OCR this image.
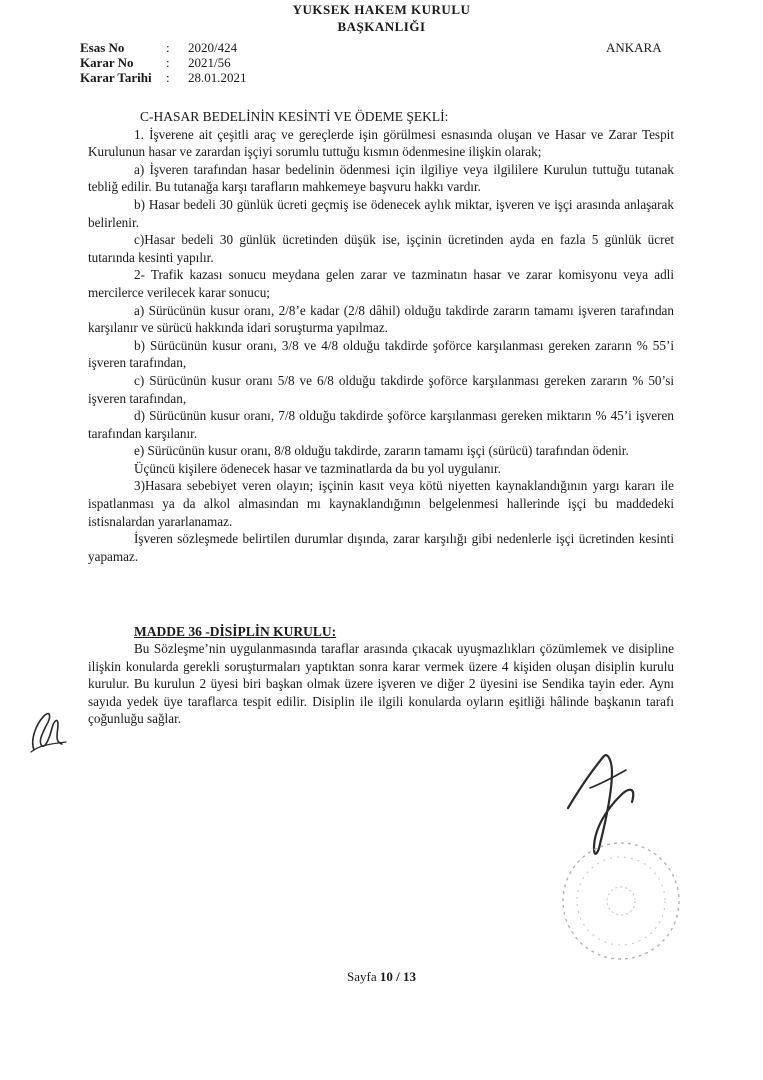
YUKSEK HAKEM KURULU
BAŞKANLIĞI
Esas No	: 2020/424
Karar No : 2021/56
Karar Tarihi : 28.01.2021
ANKARA

C-HASAR BEDELİNİN KESİNTİ VE ÖDEME ŞEKLİ:

1. İşverene ait çeşitli araç ve gereçlerde işin görülmesi esnasında oluşan ve Hasar ve Zarar Tespit Kurulunun hasar ve zarardan işçiyi sorumlu tuttuğu kısmın ödenmesine ilişkin olarak;

a) İşveren tarafından hasar bedelinin ödenmesi için ilgiliye veya ilgililere Kurulun tuttuğu tutanak tebliğ edilir. Bu tutanağa karşı tarafların mahkemeye başvuru hakkı vardır.

b) Hasar bedeli 30 günlük ücreti geçmiş ise ödenecek aylık miktar, işveren ve işçi arasında anlaşarak belirlenir.

c)Hasar bedeli 30 günlük ücretinden düşük ise, işçinin ücretinden ayda en fazla 5 günlük ücret tutarında kesinti yapılır.

2- Trafik kazası sonucu meydana gelen zarar ve tazminatın hasar ve zarar komisyonu veya adli mercilerce verilecek karar sonucu;

a) Sürücünün kusur oranı, 2/8’e kadar (2/8 dâhil) olduğu takdirde zararın tamamı işveren tarafından karşılanır ve sürücü hakkında idari soruşturma yapılmaz.

b) Sürücünün kusur oranı, 3/8 ve 4/8 olduğu takdirde şoförce karşılanması gereken zararın % 55’i işveren tarafından,

c) Sürücünün kusur oranı 5/8 ve 6/8 olduğu takdirde şoförce karşılanması gereken zararın % 50’si işveren tarafından,

d) Sürücünün kusur oranı, 7/8 olduğu takdirde şoförce karşılanması gereken miktarın % 45’i işveren tarafından karşılanır.

e) Sürücünün kusur oranı, 8/8 olduğu takdirde, zararın tamamı işçi (sürücü) tarafından ödenir.

Üçüncü kişilere ödenecek hasar ve tazminatlarda da bu yol uygulanır.

3)Hasara sebebiyet veren olayın; işçinin kasıt veya kötü niyetten kaynaklandığının yargı kararı ile ispatlanması ya da alkol almasından mı kaynaklandığının belgelenmesi hallerinde işçi bu maddedeki istisnalardan yararlanamaz.

İşveren sözleşmede belirtilen durumlar dışında, zarar karşılığı gibi nedenlerle işçi ücretinden kesinti yapamaz.

MADDE 36 -DİSİPLİN KURULU:

Bu Sözleşme’nin uygulanmasında taraflar arasında çıkacak uyuşmazlıkları çözümlemek ve disipline ilişkin konularda gerekli soruşturmaları yaptıktan sonra karar vermek üzere 4 kişiden oluşan disiplin kurulu kurulur. Bu kurulun 2 üyesi biri başkan olmak üzere işveren ve diğer 2 üyesini ise Sendika tayin eder. Aynı sayıda yedek üye taraflarca tespit edilir. Disiplin ile ilgili konularda oyların eşitliği hâlinde başkanın tarafı çoğunluğu sağlar.

Sayfa 10 / 13
